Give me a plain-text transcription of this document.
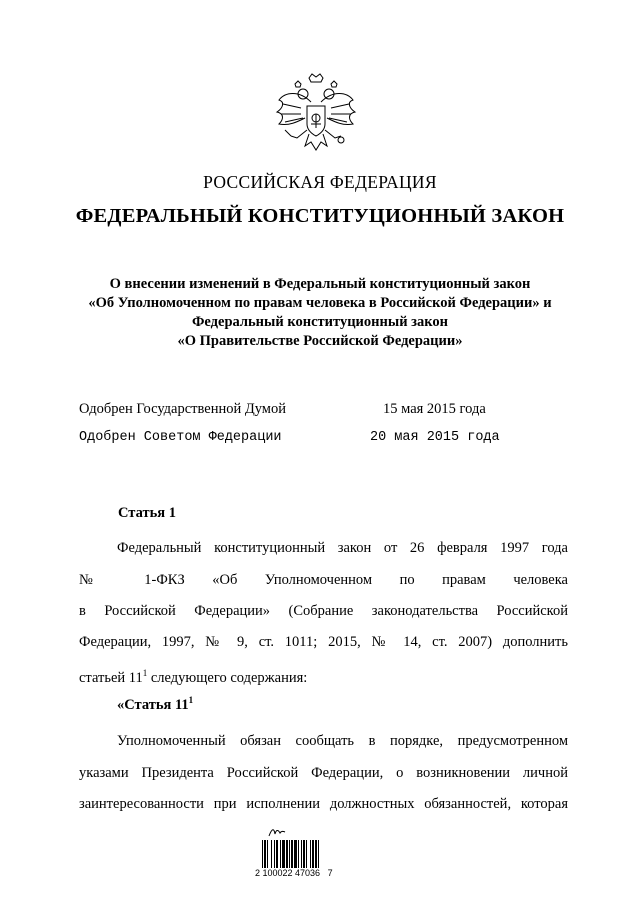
РОССИЙСКАЯ ФЕДЕРАЦИЯ
ФЕДЕРАЛЬНЫЙ КОНСТИТУЦИОННЫЙ ЗАКОН
О внесении изменений в Федеральный конституционный закон
«Об Уполномоченном по правам человека в Российской Федерации» и
Федеральный конституционный закон
«О Правительстве Российской Федерации»
Одобрен Государственной Думой	15 мая 2015 года
Одобрен Советом Федерации	20 мая 2015 года
Статья 1
Федеральный конституционный закон от 26 февраля 1997 года
№ 1-ФКЗ «Об Уполномоченном по правам человека
в Российской Федерации» (Собрание законодательства Российской
Федерации, 1997, № 9, ст. 1011; 2015, № 14, ст. 2007) дополнить
статьей $11^1$ следующего содержания:
«Статья $11^1$
Уполномоченный обязан сообщать в порядке, предусмотренном
указами Президента Российской Федерации, о возникновении личной
заинтересованности при исполнении должностных обязанностей, которая
2 100022 47036   7
